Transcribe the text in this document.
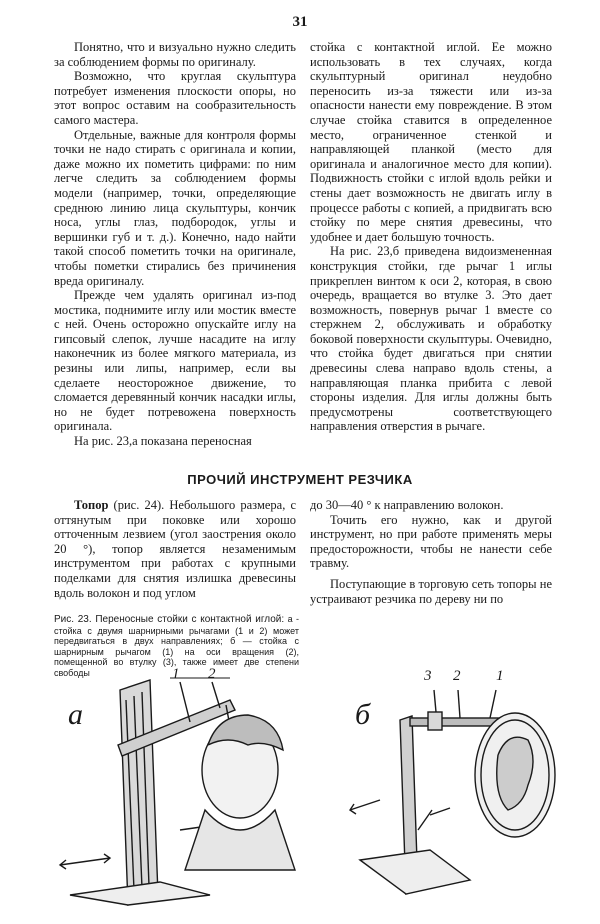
31

Понятно, что и визуально нужно следить за соблюдением формы по оригиналу.

Возможно, что круглая скульптура потребует изменения плоскости опоры, но этот вопрос оставим на сообразительность самого мастера.

Отдельные, важные для контроля формы точки не надо стирать с оригинала и копии, даже можно их пометить цифрами: по ним легче следить за соблюдением формы модели (например, точки, определяющие среднюю линию лица скульптуры, кончик носа, углы глаз, подбородок, углы и вершинки губ и т. д.). Конечно, надо найти такой способ пометить точки на оригинале, чтобы пометки стирались без причинения вреда оригиналу.

Прежде чем удалять оригинал из-под мостика, поднимите иглу или мостик вместе с ней. Очень осторожно опускайте иглу на гипсовый слепок, лучше насадите на иглу наконечник из более мягкого материала, из резины или липы, например, если вы сделаете неосторожное движение, то сломается деревянный кончик насадки иглы, но не будет потревожена поверхность оригинала.

На рис. 23,а показана переносная

стойка с контактной иглой. Ее можно использовать в тех случаях, когда скульптурный оригинал неудобно переносить из-за тяжести или из-за опасности нанести ему повреждение. В этом случае стойка ставится в определенное место, ограниченное стенкой и направляющей планкой (место для оригинала и аналогичное место для копии). Подвижность стойки с иглой вдоль рейки и стены дает возможность не двигать иглу в процессе работы с копией, а придвигать всю стойку по мере снятия древесины, что удобнее и дает большую точность.

На рис. 23,б приведена видоизмененная конструкция стойки, где рычаг 1 иглы прикреплен винтом к оси 2, которая, в свою очередь, вращается во втулке 3. Это дает возможность, повернув рычаг 1 вместе со стержнем 2, обслуживать и обработку боковой поверхности скульптуры. Очевидно, что стойка будет двигаться при снятии древесины слева направо вдоль стены, а направляющая планка прибита с левой стороны изделия. Для иглы должны быть предусмотрены соответствующего направления отверстия в рычаге.

ПРОЧИЙ ИНСТРУМЕНТ РЕЗЧИКА

Топор (рис. 24). Небольшого размера, с оттянутым при поковке или хорошо отточенным лезвием (угол заострения около 20 °), топор является незаменимым инструментом при работах с крупными поделками для снятия излишка древесины вдоль волокон и под углом

до 30—40 ° к направлению волокон.

Точить его нужно, как и другой инструмент, но при работе применять меры предосторожности, чтобы не нанести себе травму.

Поступающие в торговую сеть топоры не устраивают резчика по дереву ни по

Рис. 23. Переносные стойки с контактной иглой: а - стойка с двумя шарнирными рычагами (1 и 2) может передвигаться в двух направлениях; б — стойка с шарнирным рычагом (1) на оси вращения (2), помещенной во втулку (3), также имеет две степени свободы
а
1 2
б
3 2 1
